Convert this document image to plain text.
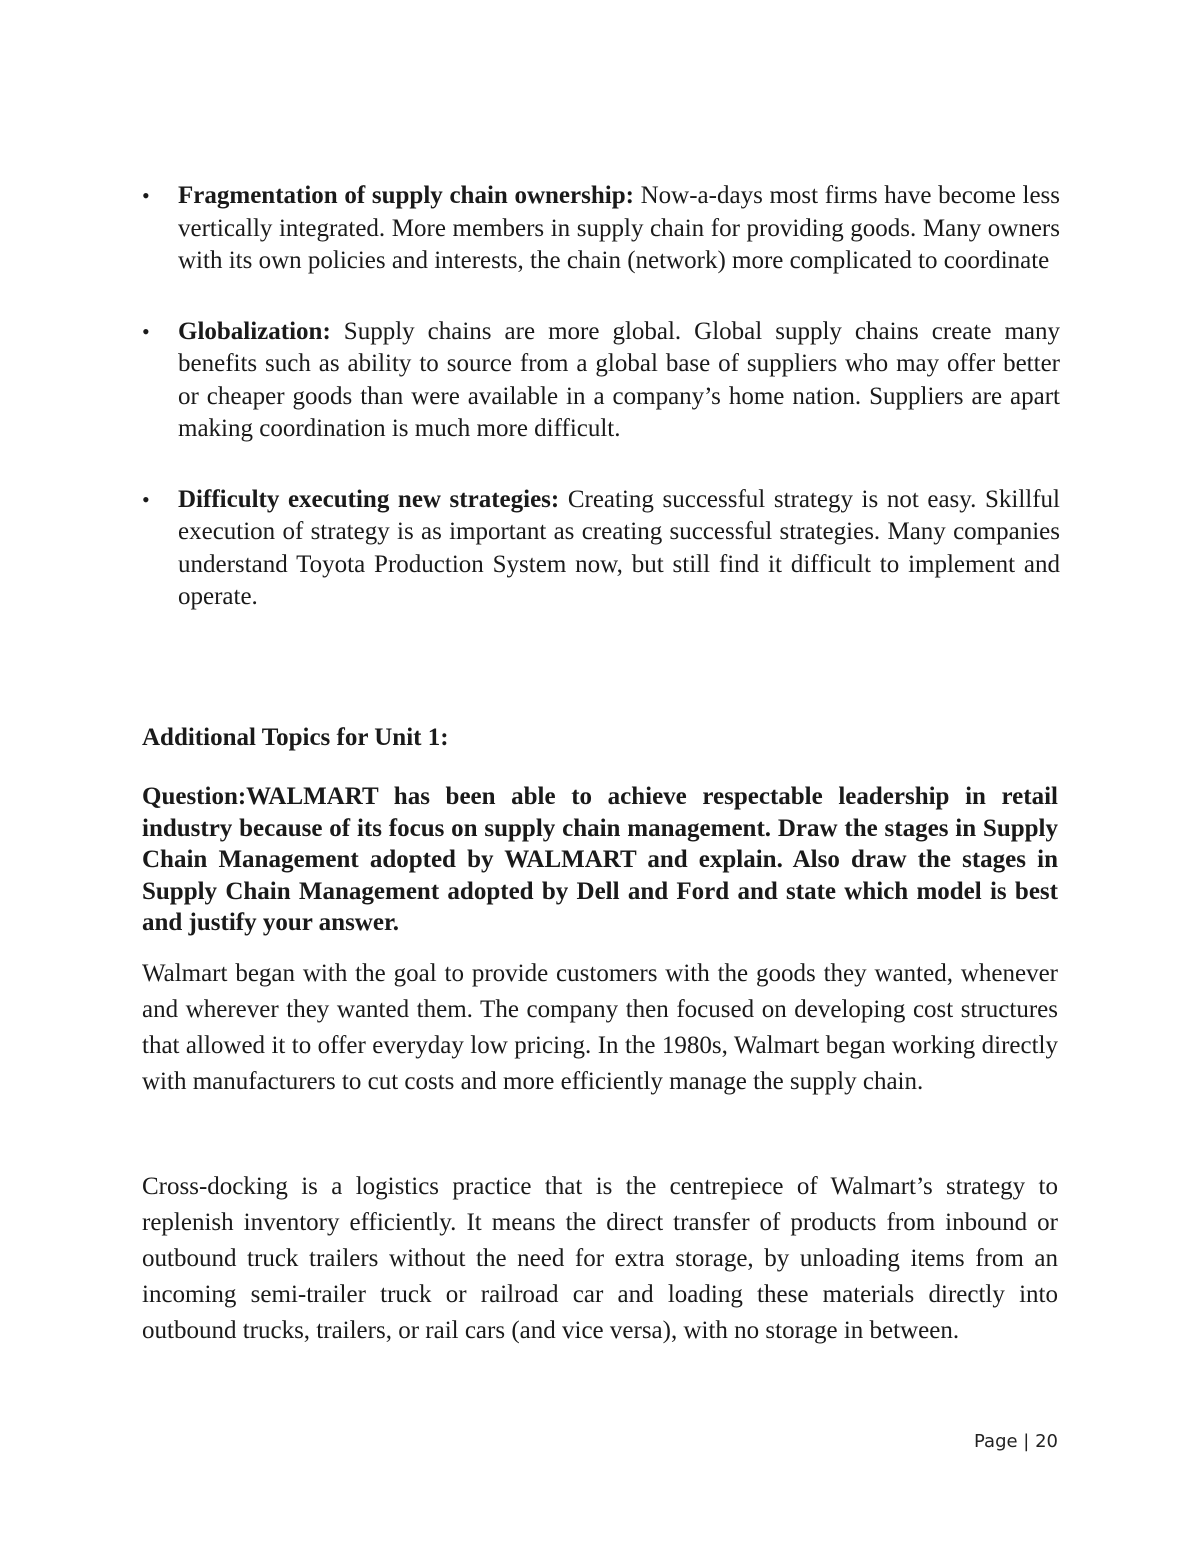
• Fragmentation of supply chain ownership: Now-a-days most firms have become less vertically integrated. More members in supply chain for providing goods. Many owners with its own policies and interests, the chain (network) more complicated to coordinate
• Globalization: Supply chains are more global. Global supply chains create many benefits such as ability to source from a global base of suppliers who may offer better or cheaper goods than were available in a company’s home nation. Suppliers are apart making coordination is much more difficult.
• Difficulty executing new strategies: Creating successful strategy is not easy. Skillful execution of strategy is as important as creating successful strategies. Many companies understand Toyota Production System now, but still find it difficult to implement and operate.
Additional Topics for Unit 1:

Question:WALMART has been able to achieve respectable leadership in retail industry because of its focus on supply chain management. Draw the stages in Supply Chain Management adopted by WALMART and explain. Also draw the stages in Supply Chain Management adopted by Dell and Ford and state which model is best and justify your answer.

Walmart began with the goal to provide customers with the goods they wanted, whenever and wherever they wanted them. The company then focused on developing cost structures that allowed it to offer everyday low pricing. In the 1980s, Walmart began working directly with manufacturers to cut costs and more efficiently manage the supply chain.

Cross-docking is a logistics practice that is the centrepiece of Walmart’s strategy to replenish inventory efficiently. It means the direct transfer of products from inbound or outbound truck trailers without the need for extra storage, by unloading items from an incoming semi-trailer truck or railroad car and loading these materials directly into outbound trucks, trailers, or rail cars (and vice versa), with no storage in between.

Page | 20
